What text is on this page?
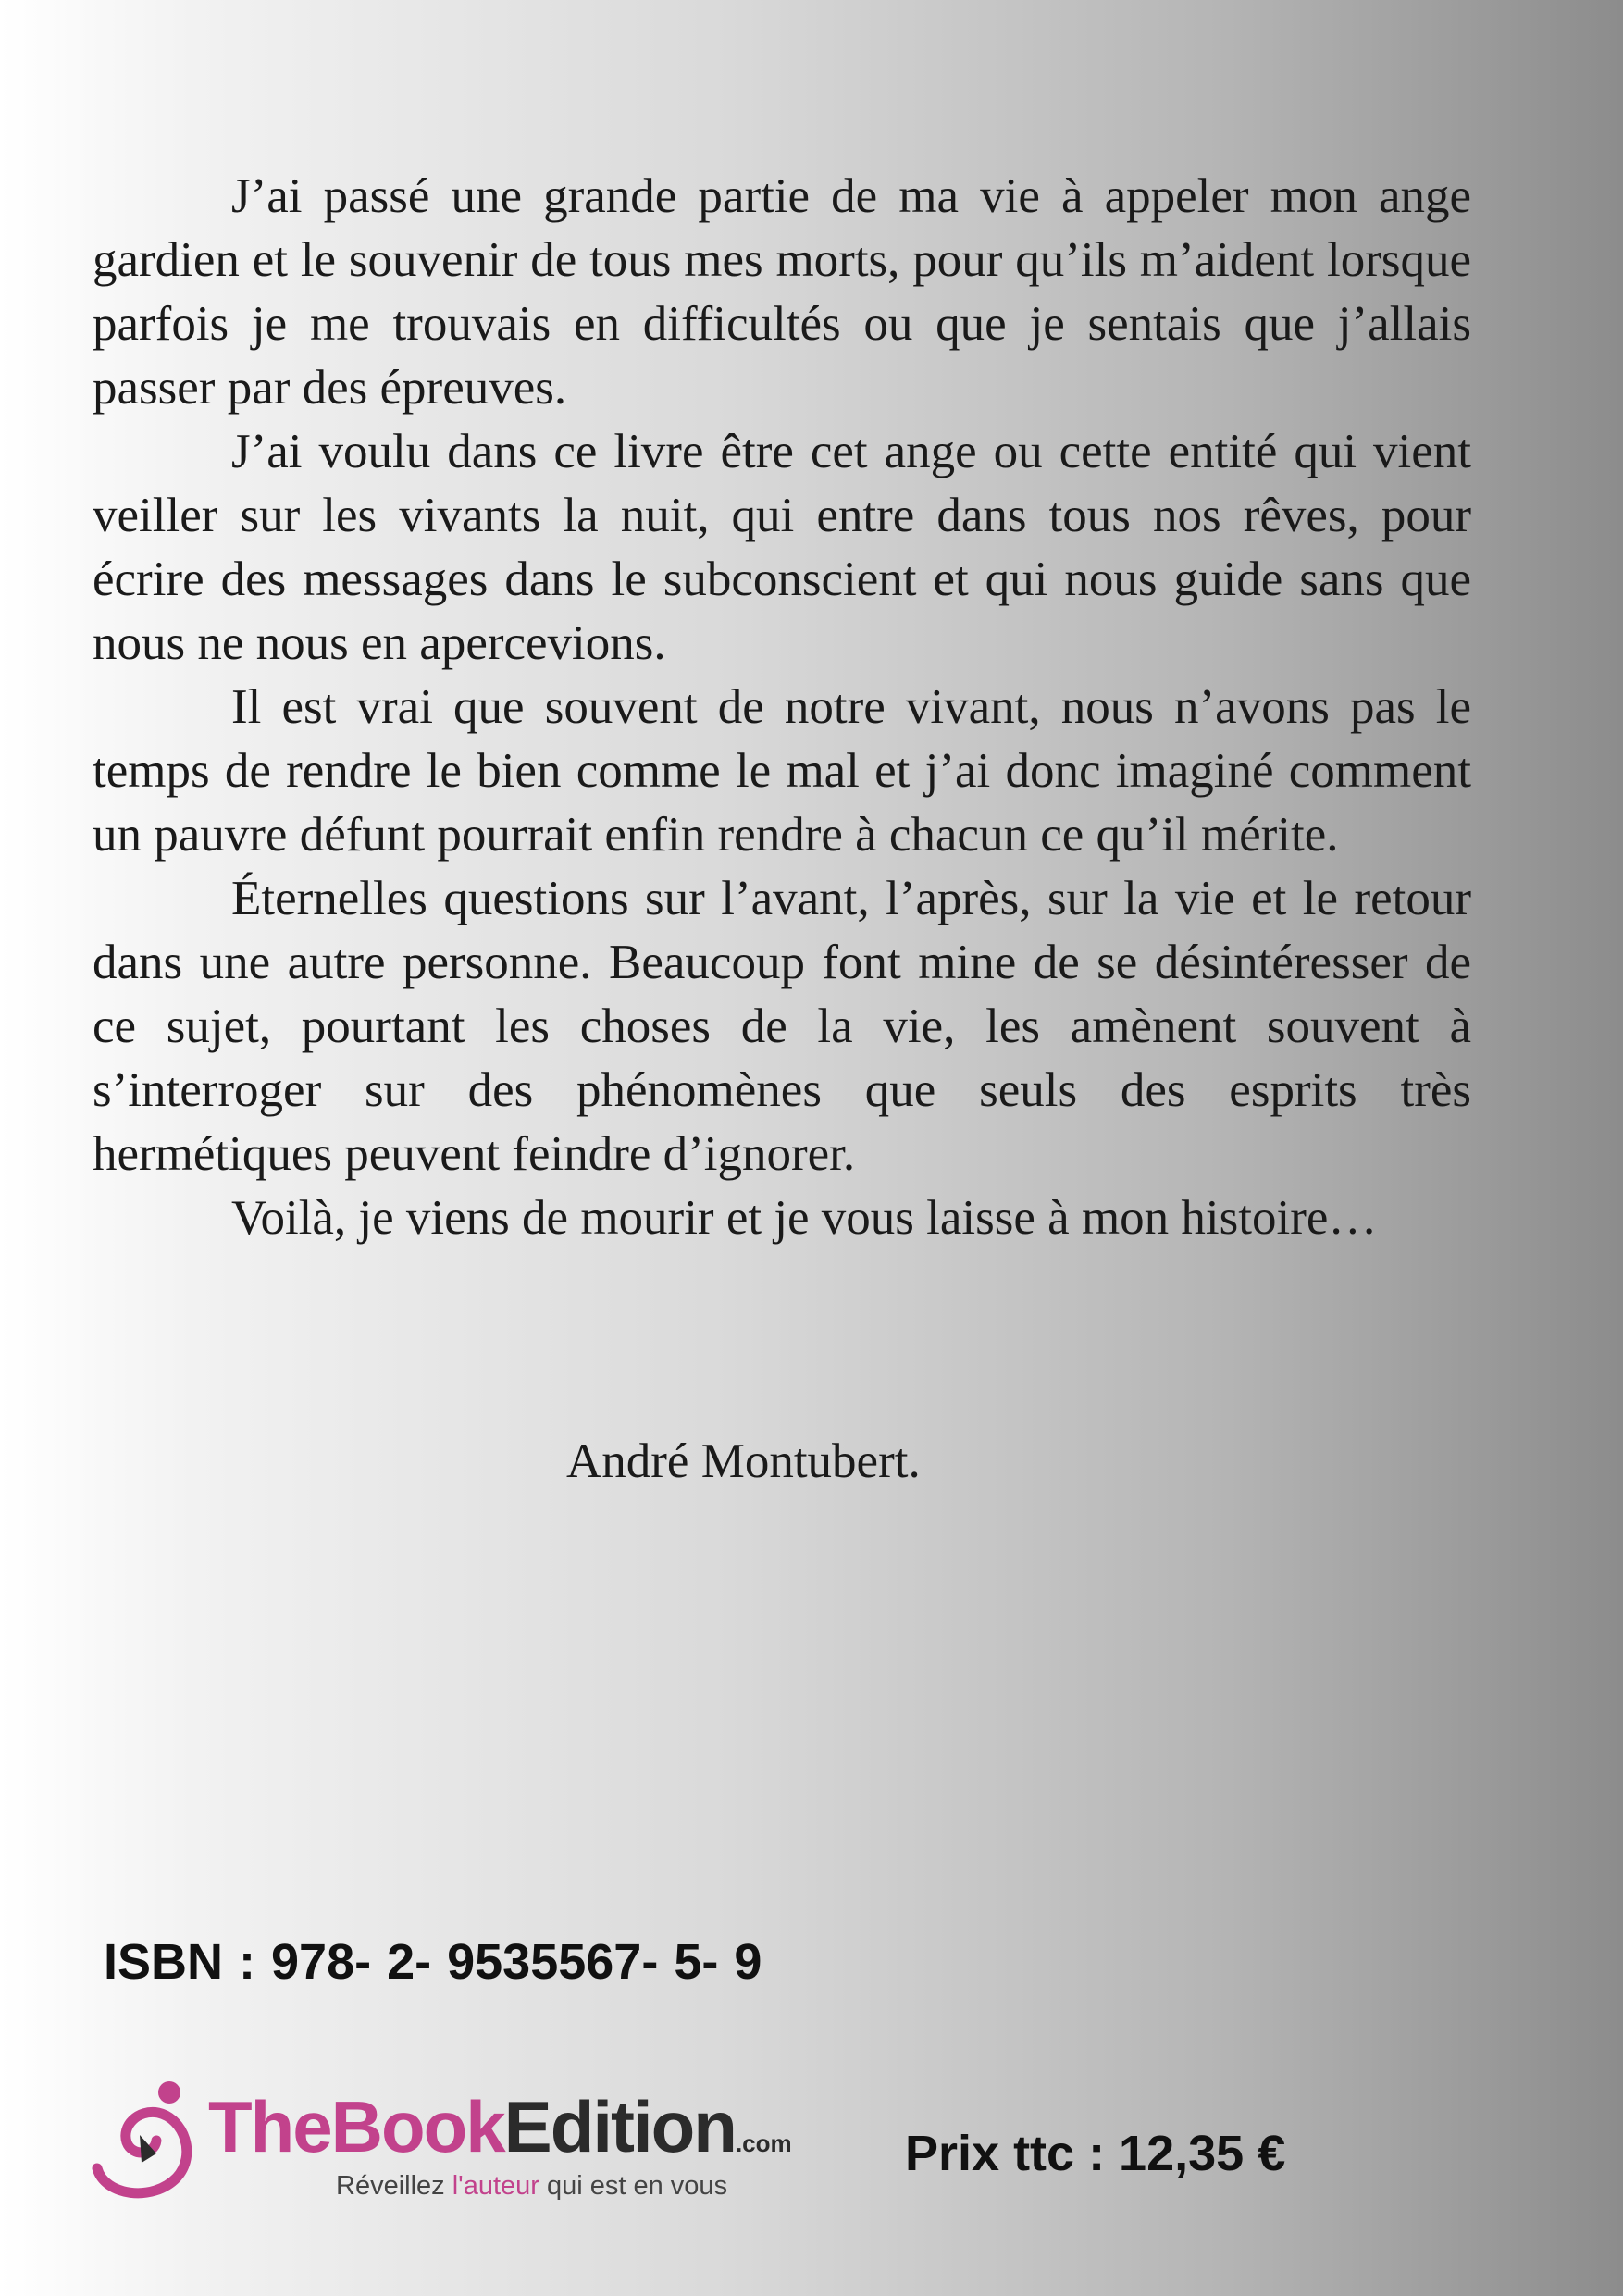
J’ai passé une grande partie de ma vie à appeler mon ange gardien et le souvenir de tous mes morts, pour qu’ils m’aident lorsque parfois je me trouvais en difficultés ou que je sentais que j’allais passer par des épreuves.

J’ai voulu dans ce livre être cet ange ou cette entité qui vient veiller sur les vivants la nuit, qui entre dans tous nos rêves, pour écrire des messages dans le subconscient et qui nous guide sans que nous ne nous en apercevions.

Il est vrai que souvent de notre vivant, nous n’avons pas le temps de rendre le bien comme le mal et j’ai donc imaginé comment un pauvre défunt pourrait enfin rendre à chacun ce qu’il mérite.

Éternelles questions sur l’avant, l’après, sur la vie et le retour dans une autre personne. Beaucoup font mine de se désintéresser de ce sujet, pourtant les choses de la vie, les amènent souvent à s’interroger sur des phénomènes que seuls des esprits très hermétiques peuvent feindre d’ignorer.

Voilà, je viens de mourir et je vous laisse à mon histoire…

André Montubert.
ISBN : 978- 2- 9535567- 5- 9
TheBookEdition.com
Réveillez l'auteur qui est en vous
Prix ttc : 12,35 €
